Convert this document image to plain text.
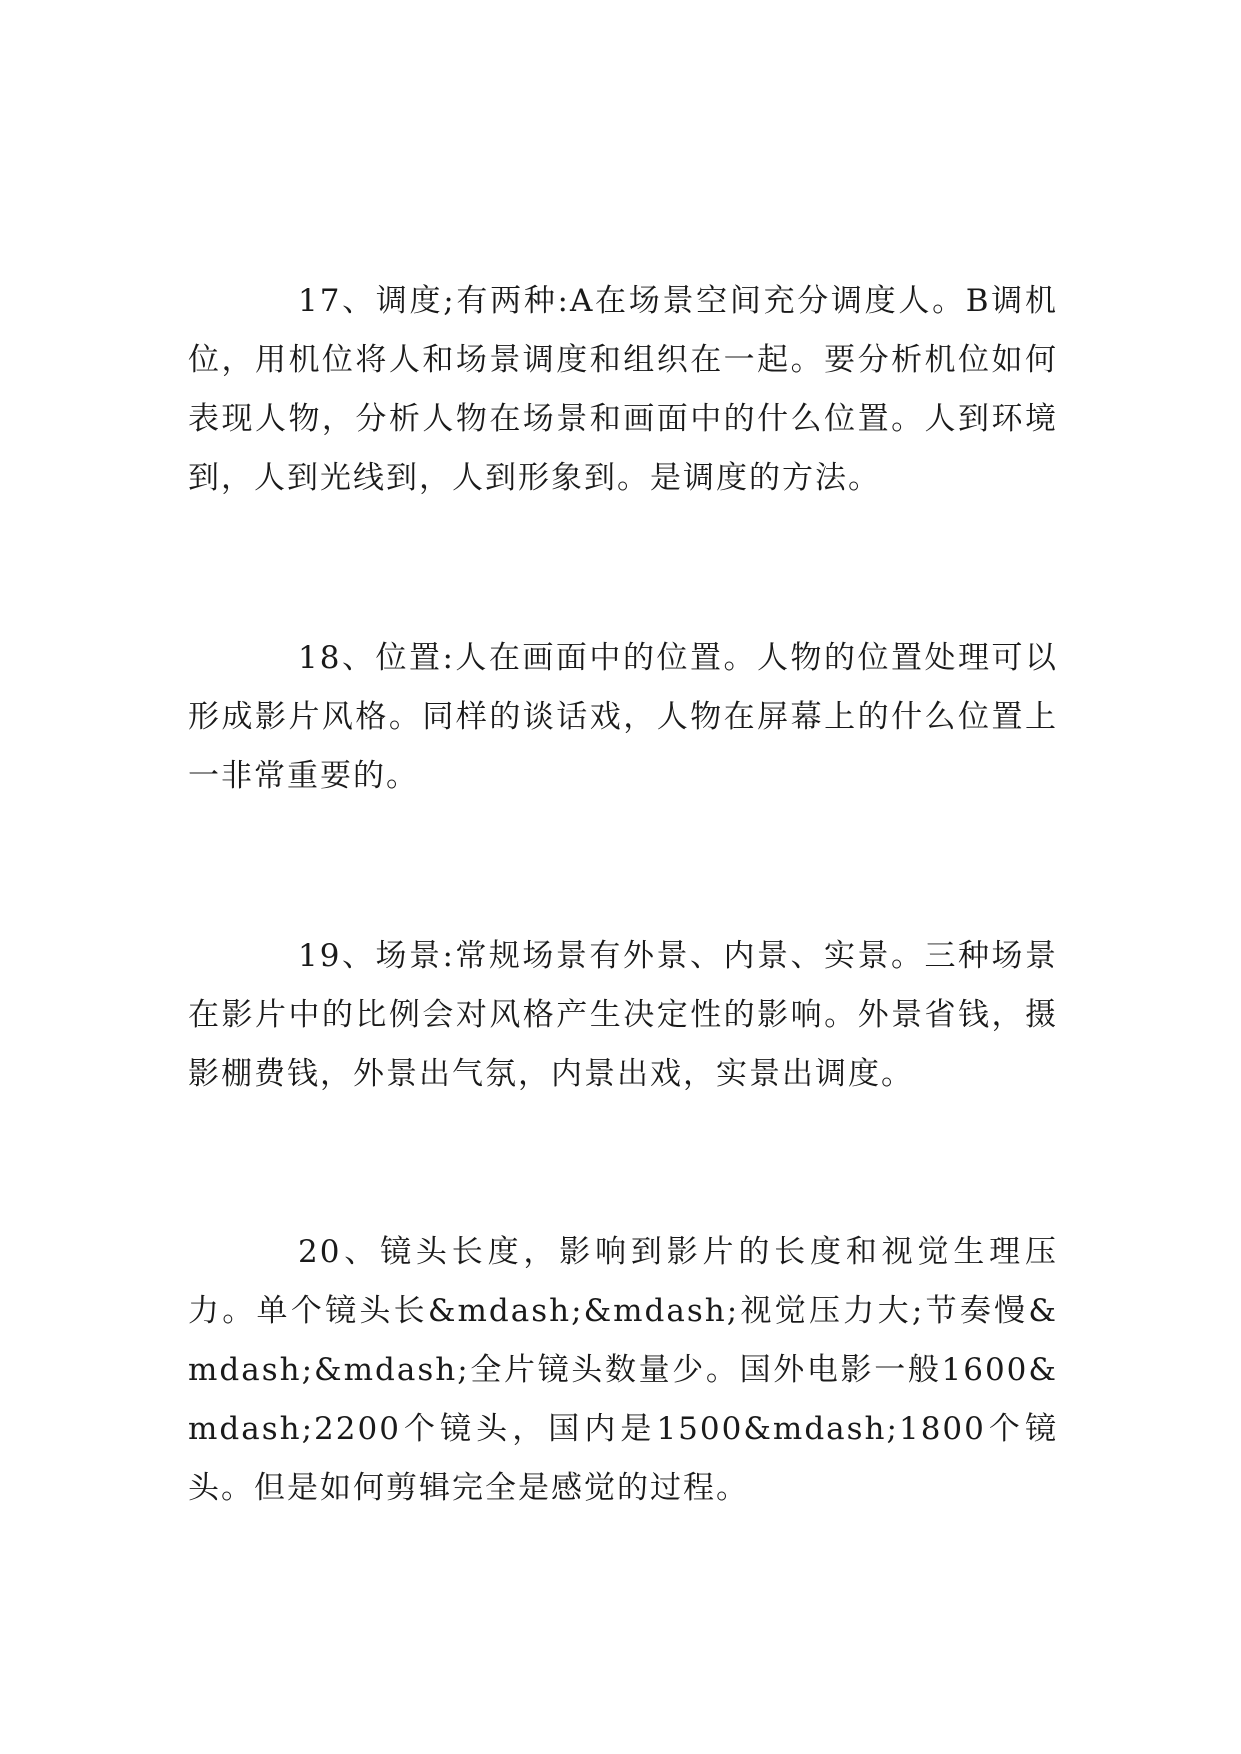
17、调度;有两种:A在场景空间充分调度人。B调机位，用机位将人和场景调度和组织在一起。要分析机位如何表现人物，分析人物在场景和画面中的什么位置。人到环境到，人到光线到，人到形象到。是调度的方法。

18、位置:人在画面中的位置。人物的位置处理可以形成影片风格。同样的谈话戏，人物在屏幕上的什么位置上一非常重要的。

19、场景:常规场景有外景、内景、实景。三种场景在影片中的比例会对风格产生决定性的影响。外景省钱，摄影棚费钱，外景出气氛，内景出戏，实景出调度。

20、镜头长度，影响到影片的长度和视觉生理压力。单个镜头长&mdash;&mdash;视觉压力大;节奏慢&mdash;&mdash;全片镜头数量少。国外电影一般1600&mdash;2200个镜头，国内是1500&mdash;1800个镜头。但是如何剪辑完全是感觉的过程。
